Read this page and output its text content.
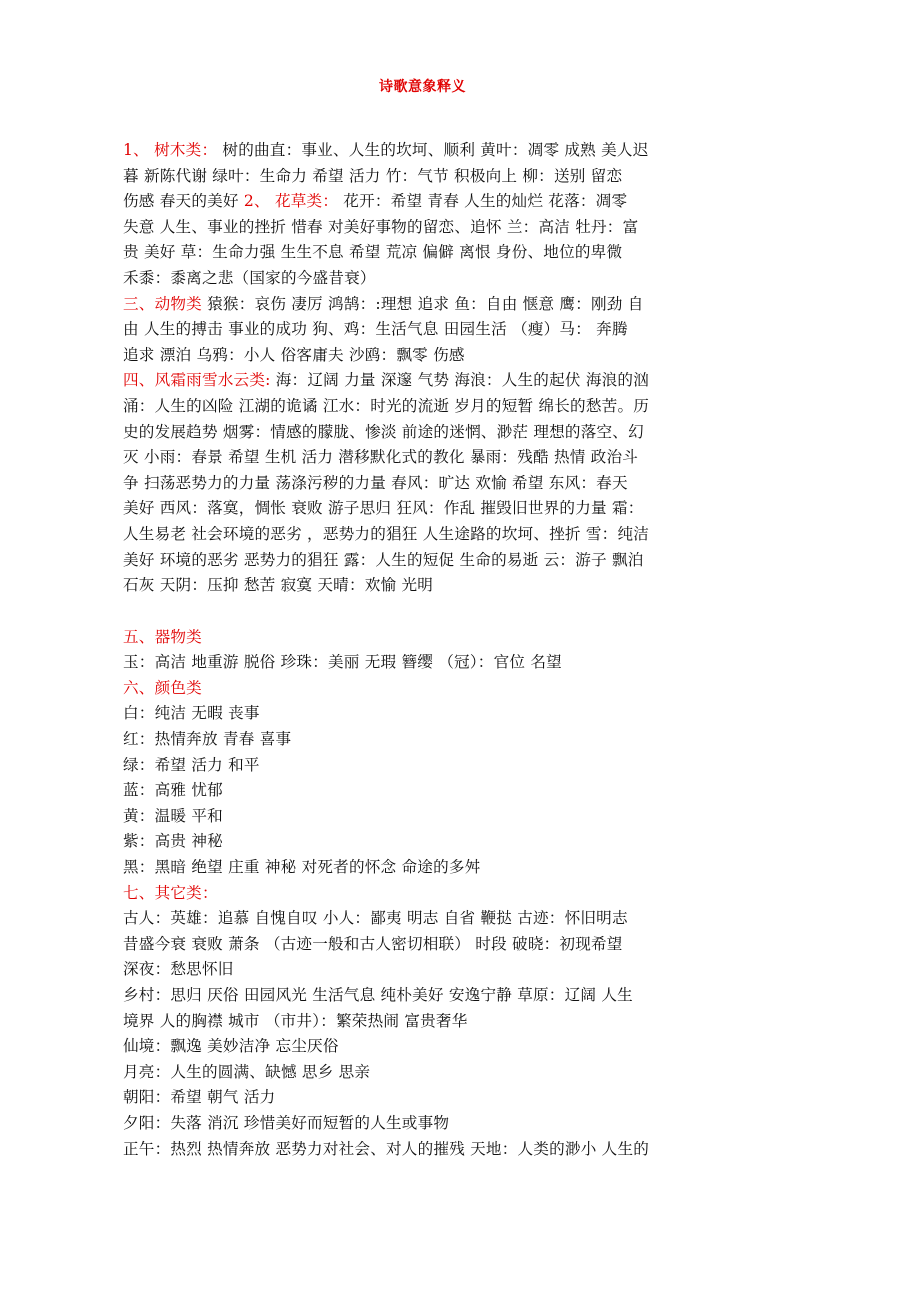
诗歌意象释义
1、 树木类： 树的曲直：事业、人生的坎坷、顺利 黄叶：凋零 成熟 美人迟
暮 新陈代谢 绿叶：生命力 希望 活力 竹：气节 积极向上 柳：送别 留恋
伤感 春天的美好 2、 花草类： 花开：希望 青春 人生的灿烂 花落：凋零
失意 人生、事业的挫折 惜春 对美好事物的留恋、追怀 兰：高洁 牡丹：富
贵 美好 草：生命力强 生生不息 希望 荒凉 偏僻 离恨 身份、地位的卑微
禾黍：黍离之悲（国家的今盛昔衰）
三、动物类 猿猴：哀伤 凄厉 鸿鹄：:理想 追求 鱼：自由 惬意 鹰：刚劲 自
由 人生的搏击 事业的成功 狗、鸡：生活气息 田园生活 （瘦）马： 奔腾
追求 漂泊 乌鸦：小人 俗客庸夫 沙鸥：飘零 伤感
四、风霜雨雪水云类: 海：辽阔 力量 深邃 气势 海浪：人生的起伏 海浪的汹
涌：人生的凶险 江湖的诡谲 江水：时光的流逝 岁月的短暂 绵长的愁苦。历
史的发展趋势 烟雾：情感的朦胧、惨淡 前途的迷惘、渺茫 理想的落空、幻
灭 小雨：春景 希望 生机 活力 潜移默化式的教化 暴雨：残酷 热情 政治斗
争 扫荡恶势力的力量 荡涤污秽的力量 春风：旷达 欢愉 希望 东风：春天
美好 西风：落寞，惆怅 衰败 游子思归 狂风：作乱 摧毁旧世界的力量 霜：
人生易老 社会环境的恶劣 ，恶势力的猖狂 人生途路的坎坷、挫折 雪：纯洁
美好 环境的恶劣 恶势力的猖狂 露：人生的短促 生命的易逝 云：游子 飘泊
石灰 天阴：压抑 愁苦 寂寞 天晴：欢愉 光明
五、器物类
玉：高洁 地重游 脱俗 珍珠：美丽 无瑕 簪缨 （冠）：官位 名望
六、颜色类
白：纯洁 无暇 丧事
红：热情奔放 青春 喜事
绿：希望 活力 和平
蓝：高雅 忧郁
黄：温暖 平和
紫：高贵 神秘
黑：黑暗 绝望 庄重 神秘 对死者的怀念 命途的多舛
七、其它类：
古人：英雄：追慕 自愧自叹 小人：鄙夷 明志 自省 鞭挞 古迹：怀旧明志
昔盛今衰 衰败 萧条 （古迹一般和古人密切相联） 时段 破晓：初现希望
深夜：愁思怀旧
乡村：思归 厌俗 田园风光 生活气息 纯朴美好 安逸宁静 草原：辽阔 人生
境界 人的胸襟 城市 （市井）：繁荣热闹 富贵奢华
仙境：飘逸 美妙洁净 忘尘厌俗
月亮：人生的圆满、缺憾 思乡 思亲
朝阳：希望 朝气 活力
夕阳：失落 消沉 珍惜美好而短暂的人生或事物
正午：热烈 热情奔放 恶势力对社会、对人的摧残 天地：人类的渺小 人生的
